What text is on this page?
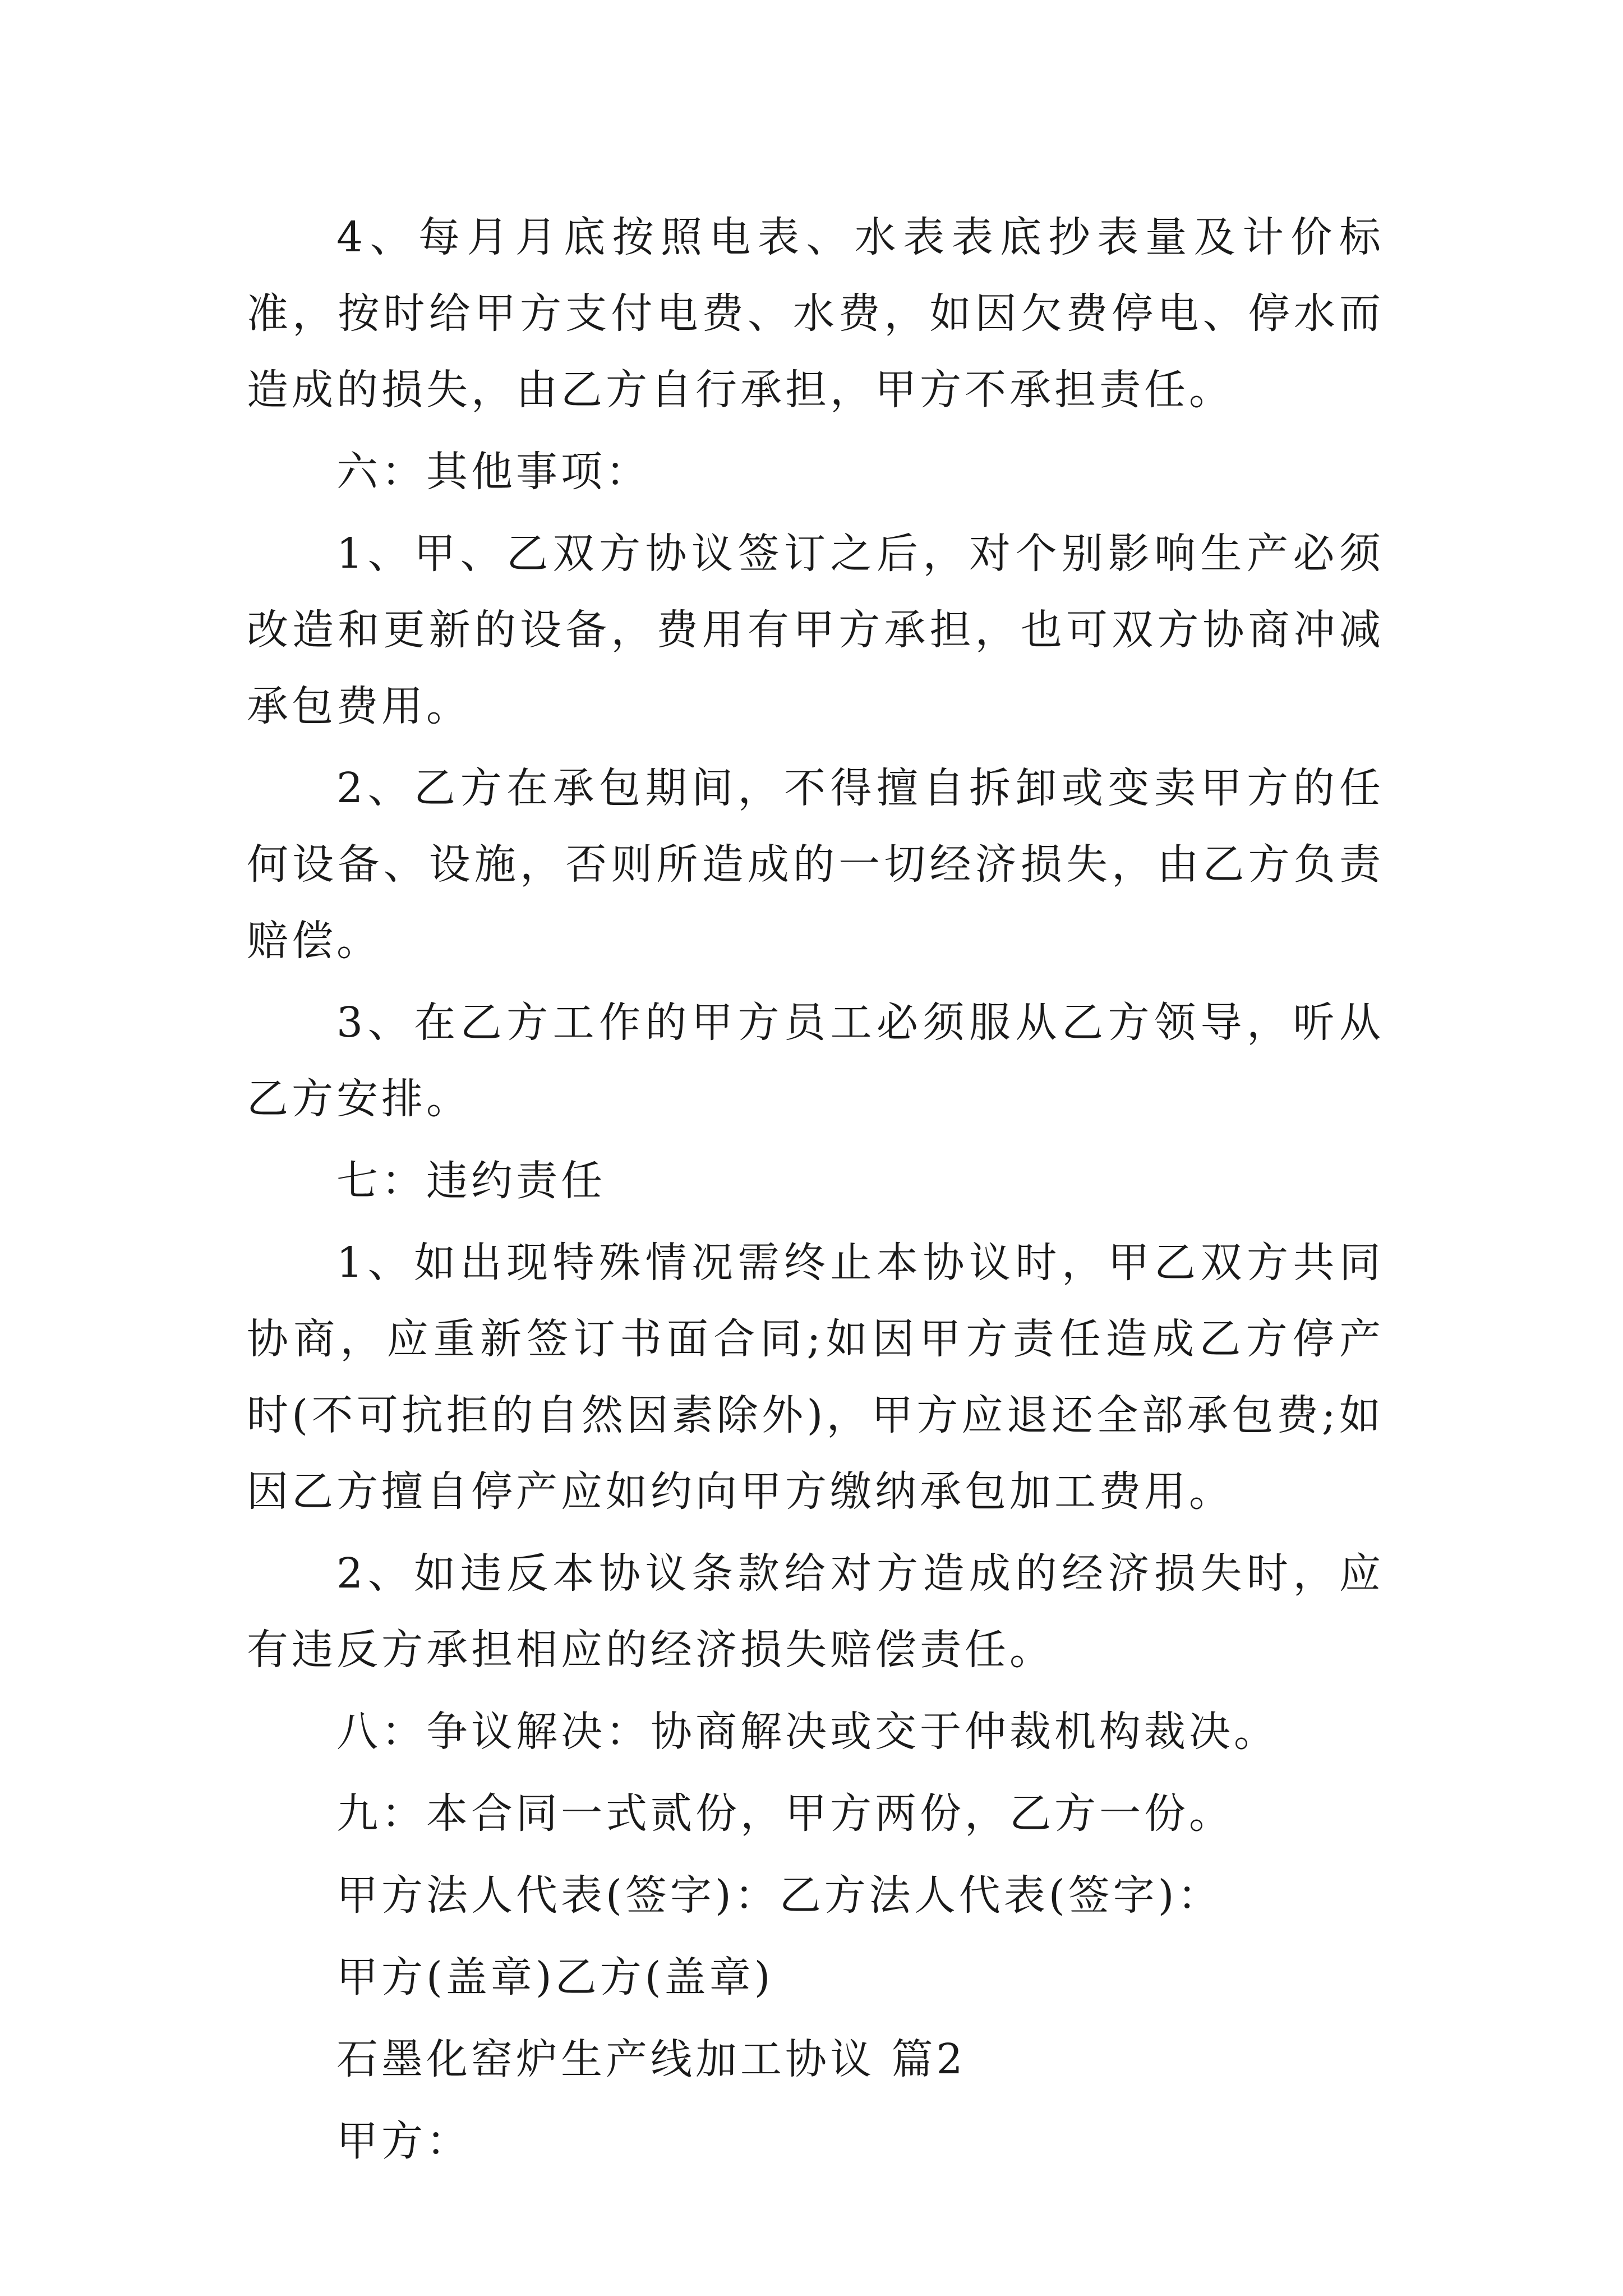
4、每月月底按照电表、水表表底抄表量及计价标准，按时给甲方支付电费、水费，如因欠费停电、停水而造成的损失，由乙方自行承担，甲方不承担责任。

六：其他事项：

1、甲、乙双方协议签订之后，对个别影响生产必须改造和更新的设备，费用有甲方承担，也可双方协商冲减承包费用。

2、乙方在承包期间，不得擅自拆卸或变卖甲方的任何设备、设施，否则所造成的一切经济损失，由乙方负责赔偿。

3、在乙方工作的甲方员工必须服从乙方领导，听从乙方安排。

七：违约责任

1、如出现特殊情况需终止本协议时，甲乙双方共同协商，应重新签订书面合同;如因甲方责任造成乙方停产时(不可抗拒的自然因素除外)，甲方应退还全部承包费;如因乙方擅自停产应如约向甲方缴纳承包加工费用。

2、如违反本协议条款给对方造成的经济损失时，应有违反方承担相应的经济损失赔偿责任。

八：争议解决：协商解决或交于仲裁机构裁决。

九：本合同一式贰份，甲方两份，乙方一份。

甲方法人代表(签字)：乙方法人代表(签字)：

甲方(盖章)乙方(盖章)

石墨化窑炉生产线加工协议 篇2

甲方：
